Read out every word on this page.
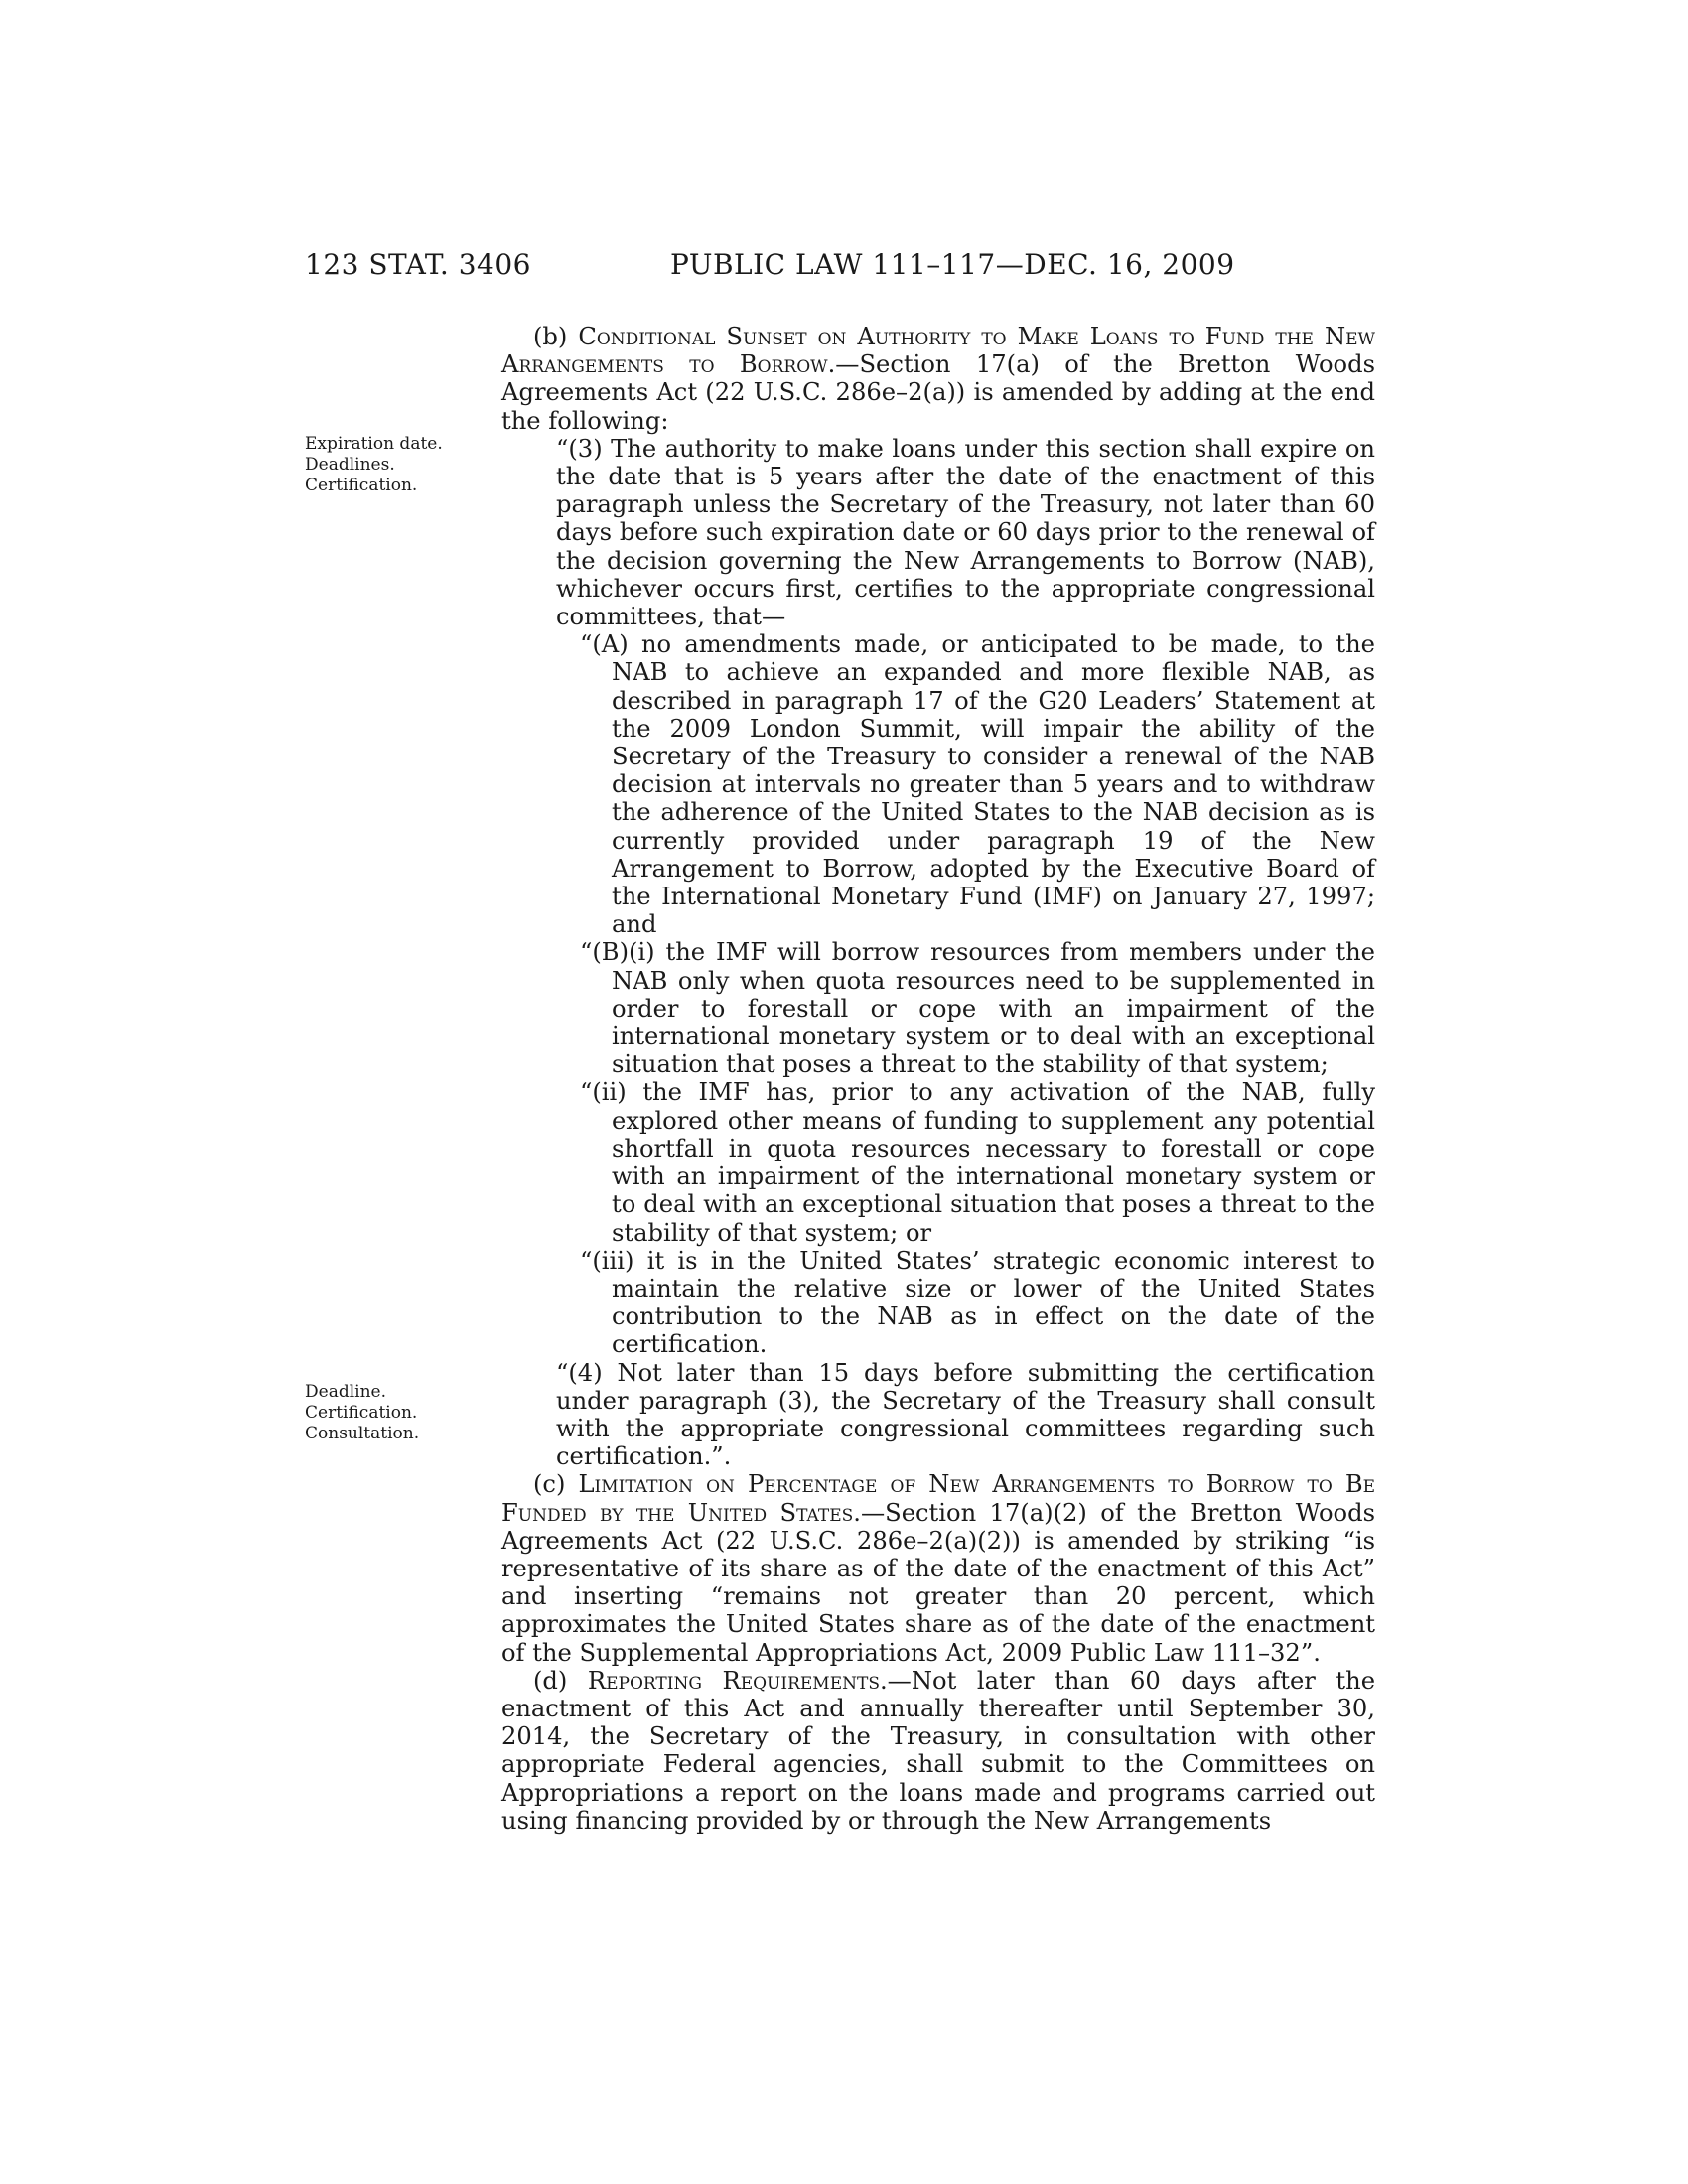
123 STAT. 3406	PUBLIC LAW 111–117—DEC. 16, 2009
Expiration date.
Deadlines.
Certification.
Deadline.
Certification.
Consultation.

(b) Conditional Sunset on Authority to Make Loans to Fund the New Arrangements to Borrow.—Section 17(a) of the Bretton Woods Agreements Act (22 U.S.C. 286e–2(a)) is amended by adding at the end the following:

“(3) The authority to make loans under this section shall expire on the date that is 5 years after the date of the enactment of this paragraph unless the Secretary of the Treasury, not later than 60 days before such expiration date or 60 days prior to the renewal of the decision governing the New Arrangements to Borrow (NAB), whichever occurs first, certifies to the appropriate congressional committees, that—

“(A) no amendments made, or anticipated to be made, to the NAB to achieve an expanded and more flexible NAB, as described in paragraph 17 of the G20 Leaders’ Statement at the 2009 London Summit, will impair the ability of the Secretary of the Treasury to consider a renewal of the NAB decision at intervals no greater than 5 years and to withdraw the adherence of the United States to the NAB decision as is currently provided under paragraph 19 of the New Arrangement to Borrow, adopted by the Executive Board of the International Monetary Fund (IMF) on January 27, 1997; and

“(B)(i) the IMF will borrow resources from members under the NAB only when quota resources need to be supplemented in order to forestall or cope with an impairment of the international monetary system or to deal with an exceptional situation that poses a threat to the stability of that system;

“(ii) the IMF has, prior to any activation of the NAB, fully explored other means of funding to supplement any potential shortfall in quota resources necessary to forestall or cope with an impairment of the international monetary system or to deal with an exceptional situation that poses a threat to the stability of that system; or

“(iii) it is in the United States’ strategic economic interest to maintain the relative size or lower of the United States contribution to the NAB as in effect on the date of the certification.

“(4) Not later than 15 days before submitting the certification under paragraph (3), the Secretary of the Treasury shall consult with the appropriate congressional committees regarding such certification.”.

(c) Limitation on Percentage of New Arrangements to Borrow to Be Funded by the United States.—Section 17(a)(2) of the Bretton Woods Agreements Act (22 U.S.C. 286e–2(a)(2)) is amended by striking “is representative of its share as of the date of the enactment of this Act” and inserting “remains not greater than 20 percent, which approximates the United States share as of the date of the enactment of the Supplemental Appropriations Act, 2009 Public Law 111–32”.

(d) Reporting Requirements.—Not later than 60 days after the enactment of this Act and annually thereafter until September 30, 2014, the Secretary of the Treasury, in consultation with other appropriate Federal agencies, shall submit to the Committees on Appropriations a report on the loans made and programs carried out using financing provided by or through the New Arrangements
